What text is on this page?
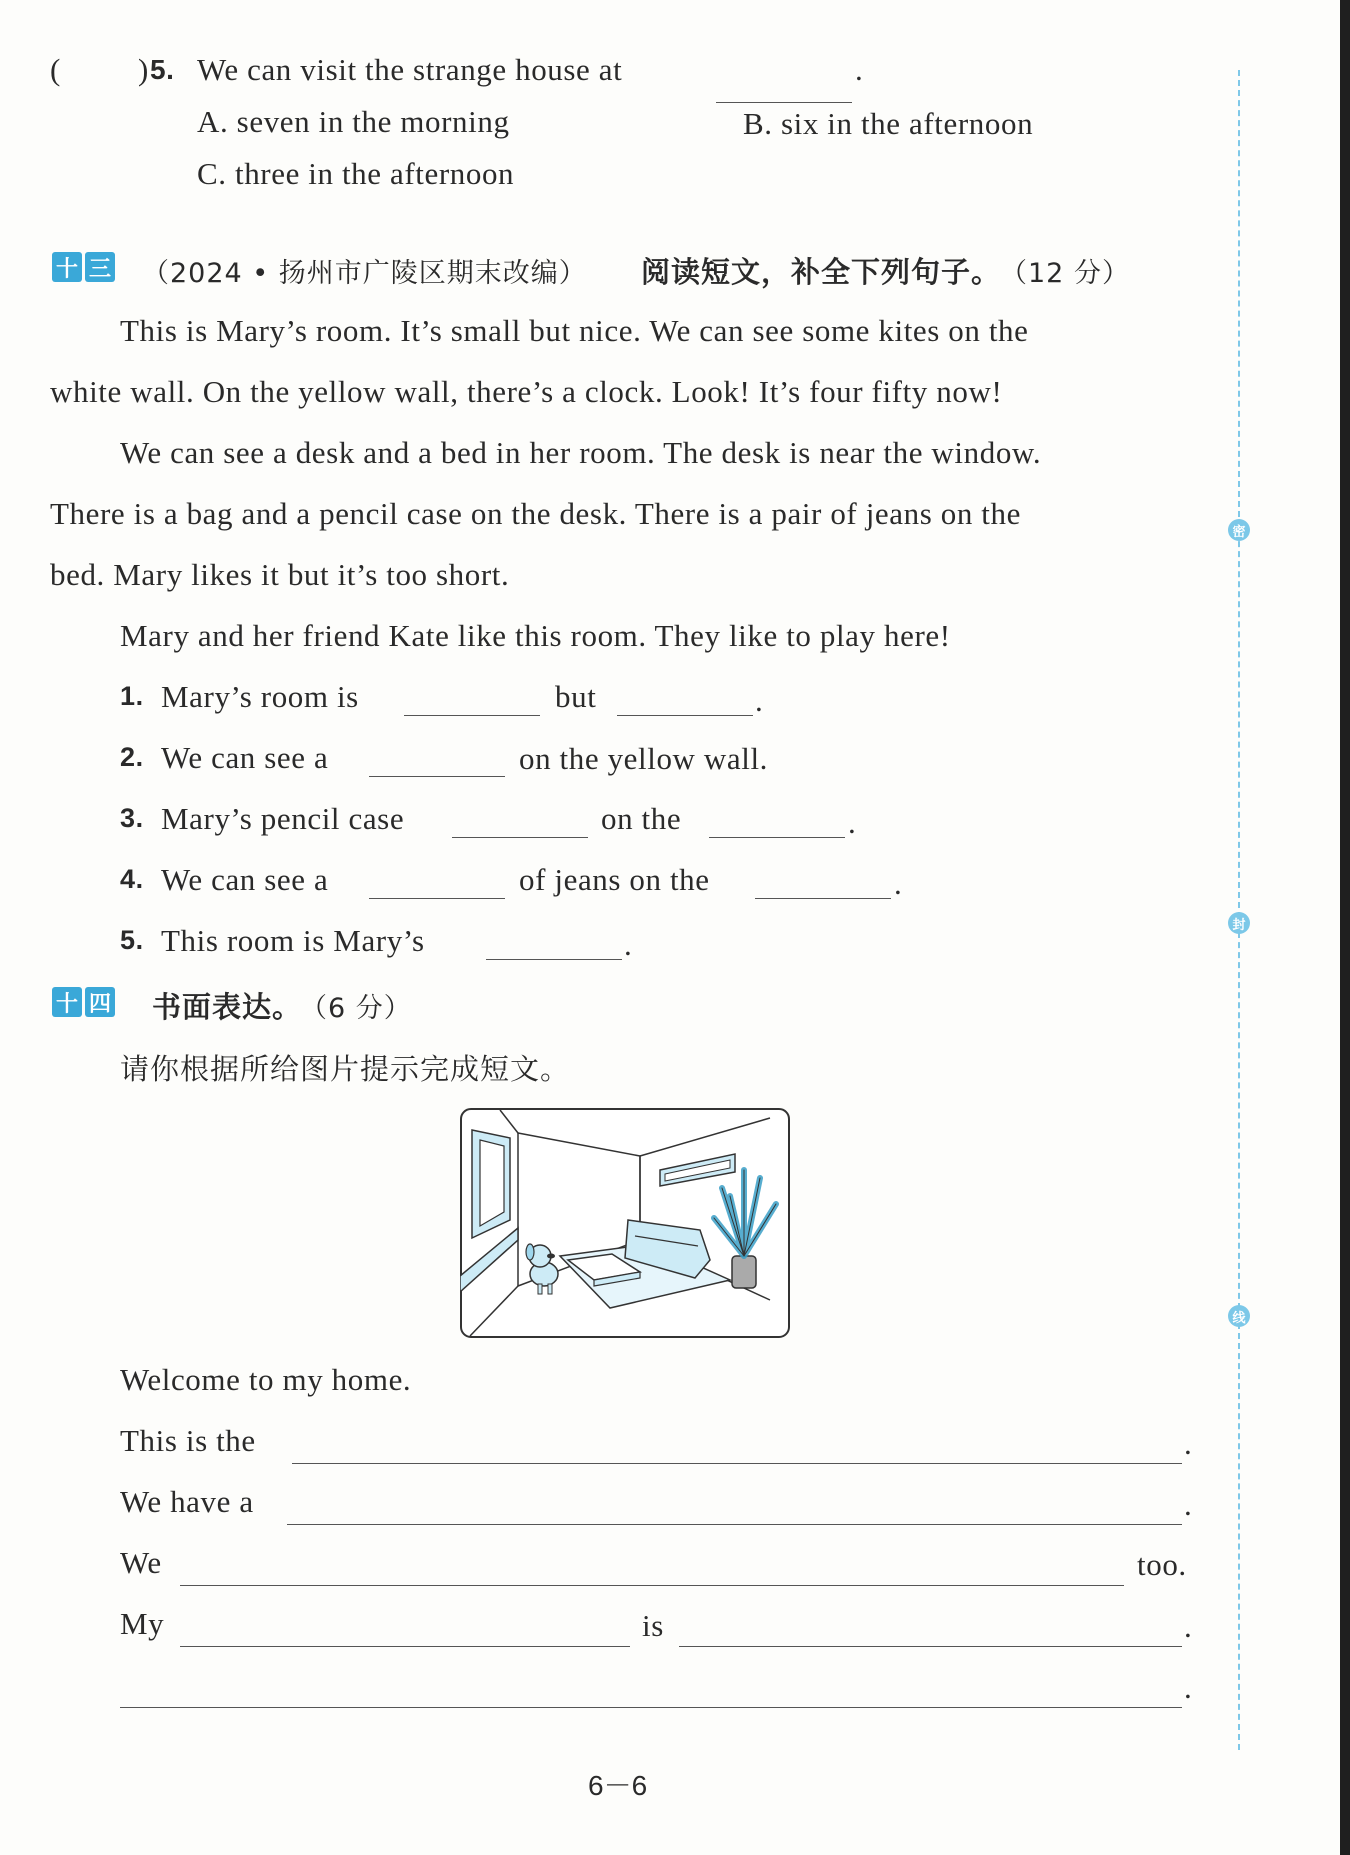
( ) 5. We can visit the strange house at	.
A. seven in the morning	B. six in the afternoon
C. three in the afternoon
十 三 （2024 • 扬州市广陵区期末改编） 阅读短文，补全下列句子。
（12 分）
This is Mary’s room. It’s small but nice. We can see some kites on the
white wall. On the yellow wall, there’s a clock. Look! It’s four fifty now!
We can see a desk and a bed in her room. The desk is near the window.
There is a bag and a pencil case on the desk. There is a pair of jeans on the
bed. Mary likes it but it’s too short.
Mary and her friend Kate like this room. They like to play here!
1. Mary’s room is	but	.
2. We can see a	on the yellow wall.
3. Mary’s pencil case	on the	.
4. We can see a	of jeans on the	.
5. This room is Mary’s	.
十 四 书面表达。
（6 分）
请你根据所给图片提示完成短文。
Welcome to my home.
This is the	.
We have a	.
We	too.
My	is	.
.
密
封
线
6－6
